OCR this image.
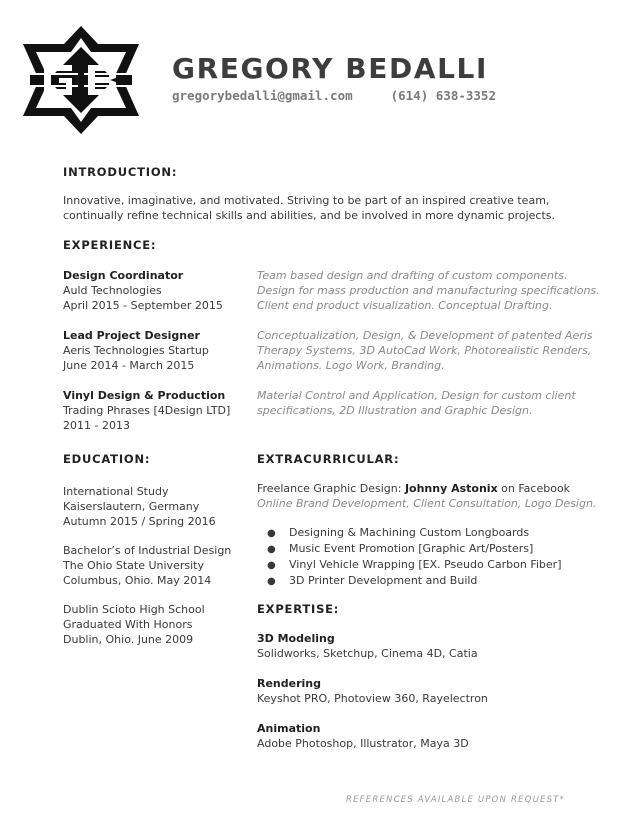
GREGORY BEDALLI
gregorybedalli@gmail.com	(614) 638-3352
INTRODUCTION:
Innovative, imaginative, and motivated. Striving to be part of an inspired creative team,
continually refine technical skills and abilities, and be involved in more dynamic projects.
EXPERIENCE:
Design Coordinator
Auld Technologies
April 2015 - September 2015
Team based design and drafting of custom components.
Design for mass production and manufacturing specifications.
Client end product visualization. Conceptual Drafting.
Lead Project Designer
Aeris Technologies Startup
June 2014 - March 2015
Conceptualization, Design, & Development of patented Aeris
Therapy Systems, 3D AutoCad Work, Photorealistic Renders,
Animations. Logo Work, Branding.
Vinyl Design & Production
Trading Phrases [4Design LTD]
2011 - 2013
Material Control and Application, Design for custom client
specifications, 2D Illustration and Graphic Design.
EDUCATION:
International Study
Kaiserslautern, Germany
Autumn 2015 / Spring 2016
Bachelor’s of Industrial Design
The Ohio State University
Columbus, Ohio. May 2014
Dublin Scioto High School
Graduated With Honors
Dublin, Ohio. June 2009
EXTRACURRICULAR:
Freelance Graphic Design: Johnny Astonix on Facebook
Online Brand Development, Client Consultation, Logo Design.
● Designing & Machining Custom Longboards
● Music Event Promotion [Graphic Art/Posters]
● Vinyl Vehicle Wrapping [EX. Pseudo Carbon Fiber]
● 3D Printer Development and Build
EXPERTISE:
3D Modeling
Solidworks, Sketchup, Cinema 4D, Catia
Rendering
Keyshot PRO, Photoview 360, Rayelectron
Animation
Adobe Photoshop, Illustrator, Maya 3D
REFERENCES AVAILABLE UPON REQUEST*
